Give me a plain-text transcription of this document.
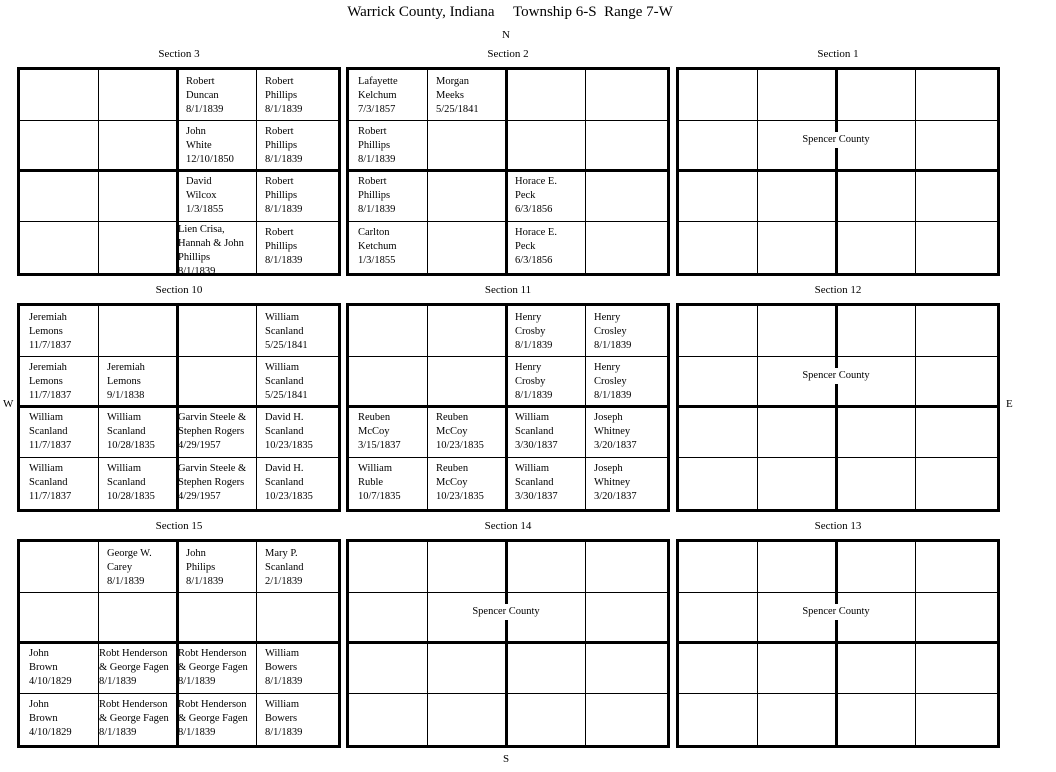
Warrick County, Indiana     Township 6-S  Range 7-W
N
S
E
W
Section 3
Robert
Duncan
8/1/1839
Robert
Phillips
8/1/1839
John
White
12/10/1850
Robert
Phillips
8/1/1839
David
Wilcox
1/3/1855
Robert
Phillips
8/1/1839
Lien Crisa,
Hannah & John
Phillips
8/1/1839
Robert
Phillips
8/1/1839
Section 2
Lafayette
Kelchum
7/3/1857
Morgan
Meeks
5/25/1841
Robert
Phillips
8/1/1839
Robert
Phillips
8/1/1839
Horace E.
Peck
6/3/1856
Carlton
Ketchum
1/3/1855
Horace E.
Peck
6/3/1856
Section 1
Spencer County
Section 10
Jeremiah
Lemons
11/7/1837
William
Scanland
5/25/1841
Jeremiah
Lemons
11/7/1837
Jeremiah
Lemons
9/1/1838
William
Scanland
5/25/1841
William
Scanland
11/7/1837
William
Scanland
10/28/1835
Garvin Steele &
Stephen Rogers
4/29/1957
David H.
Scanland
10/23/1835
William
Scanland
11/7/1837
William
Scanland
10/28/1835
Garvin Steele &
Stephen Rogers
4/29/1957
David H.
Scanland
10/23/1835
Section 11
Henry
Crosby
8/1/1839
Henry
Crosley
8/1/1839
Henry
Crosby
8/1/1839
Henry
Crosley
8/1/1839
Reuben
McCoy
3/15/1837
Reuben
McCoy
10/23/1835
William
Scanland
3/30/1837
Joseph
Whitney
3/20/1837
William
Ruble
10/7/1835
Reuben
McCoy
10/23/1835
William
Scanland
3/30/1837
Joseph
Whitney
3/20/1837
Section 12
Spencer County
Section 15
George W.
Carey
8/1/1839
John
Philips
8/1/1839
Mary P.
Scanland
2/1/1839
John
Brown
4/10/1829
Robt Henderson
& George Fagen
8/1/1839
Robt Henderson
& George Fagen
8/1/1839
William
Bowers
8/1/1839
John
Brown
4/10/1829
Robt Henderson
& George Fagen
8/1/1839
Robt Henderson
& George Fagen
8/1/1839
William
Bowers
8/1/1839
Section 14
Spencer County
Section 13
Spencer County
